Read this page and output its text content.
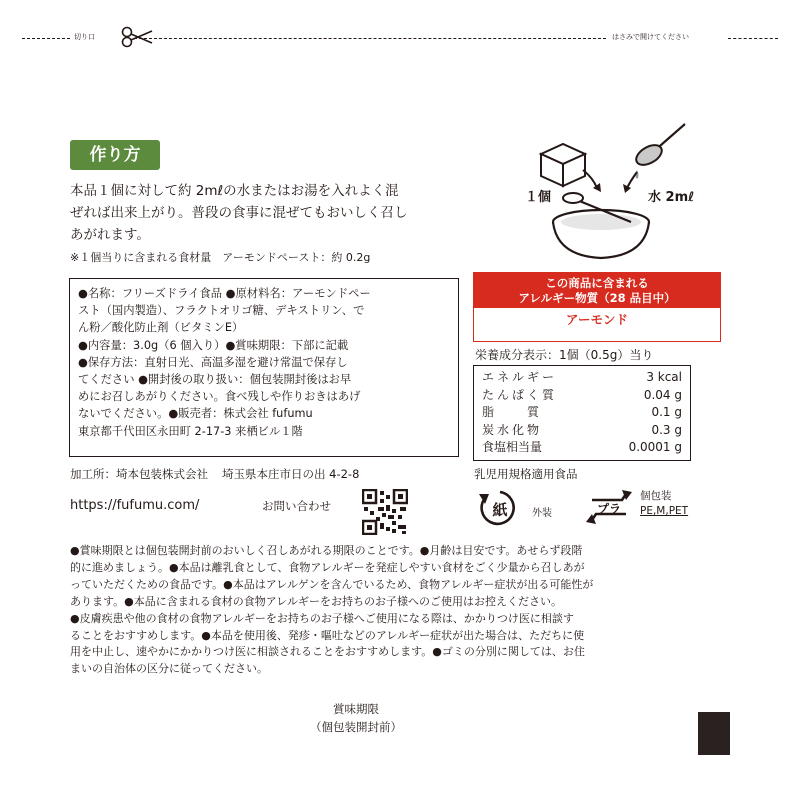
切り口	はさみで開けてください
作り方
本品１個に対して約 2mℓの水またはお湯を入れよく混
ぜれば出来上がり。普段の食事に混ぜてもおいしく召し
あがれます。
※１個当りに含まれる食材量　アーモンドペースト：約 0.2g
１個	水 2mℓ
●名称：フリーズドライ食品 ●原材料名：アーモンドペー
スト（国内製造）、フラクトオリゴ糖、デキストリン、で
ん粉／酸化防止剤（ビタミンE）
●内容量：3.0g（6 個入り）●賞味期限：下部に記載
●保存方法：直射日光、高温多湿を避け常温で保存し
てください ●開封後の取り扱い：個包装開封後はお早
めにお召しあがりください。食べ残しや作りおきはあげ
ないでください。●販売者：株式会社 fufumu
東京都千代田区永田町 2-17-3 来栖ビル１階
この商品に含まれる
アレルギー物質（28 品目中）
アーモンド
栄養成分表示：1個（0.5g）当り
エネルギー	3 kcal
たんぱく質	0.04 g
脂　　質	0.1 g
炭水化物	0.3 g
食塩相当量	0.0001 g
加工所：埼本包装株式会社 埼玉県本庄市日の出 4-2-8	乳児用規格適用食品
https://fufumu.com/	お問い合わせ	紙 外装	プラ
個包装
PE,M,PET
●賞味期限とは個包装開封前のおいしく召しあがれる期限のことです。●月齢は目安です。あせらず段階
的に進めましょう。●本品は離乳食として、食物アレルギーを発症しやすい食材をごく少量から召しあが
っていただくための食品です。●本品はアレルゲンを含んでいるため、食物アレルギー症状が出る可能性が
あります。●本品に含まれる食材の食物アレルギーをお持ちのお子様へのご使用はお控えください。
●皮膚疾患や他の食材の食物アレルギーをお持ちのお子様へご使用になる際は、かかりつけ医に相談す
ることをおすすめします。●本品を使用後、発疹・嘔吐などのアレルギー症状が出た場合は、ただちに使
用を中止し、速やかにかかりつけ医に相談されることをおすすめします。●ゴミの分別に関しては、お住
まいの自治体の区分に従ってください。
賞味期限
（個包装開封前）
